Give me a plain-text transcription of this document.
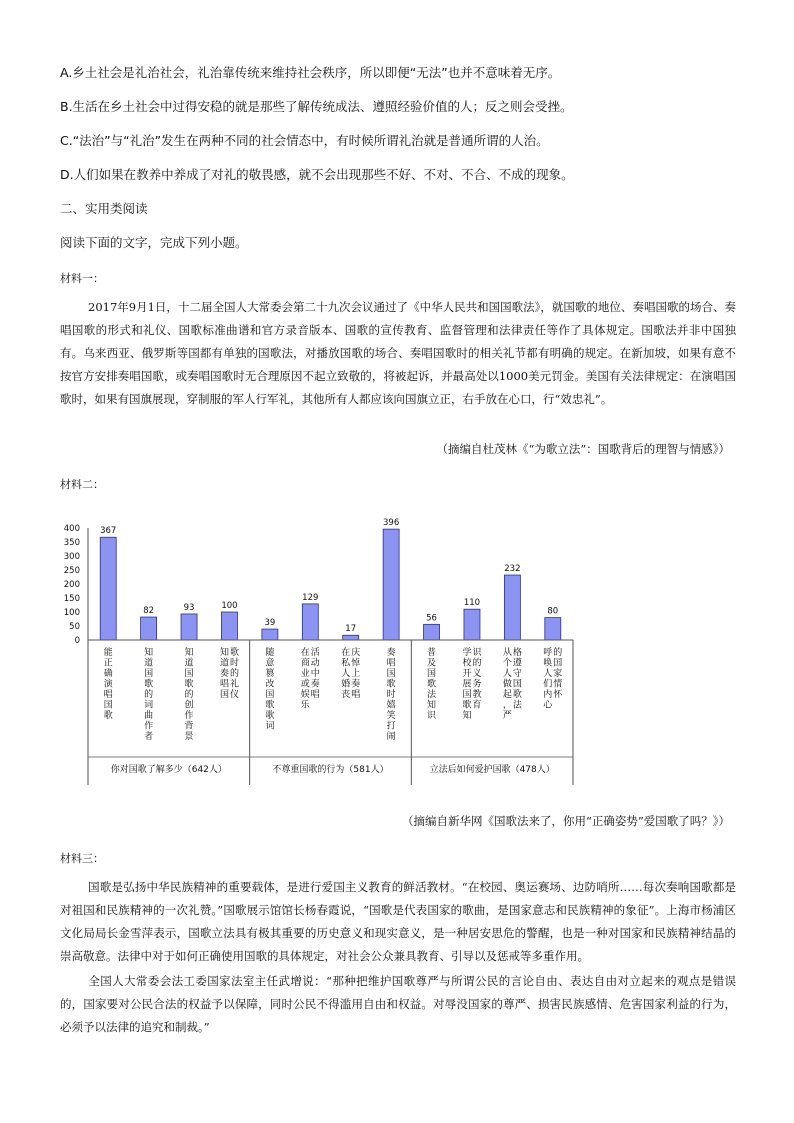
A.乡土社会是礼治社会，礼治靠传统来维持社会秩序，所以即便“无法”也并不意味着无序。
B.生活在乡土社会中过得安稳的就是那些了解传统成法、遵照经验价值的人；反之则会受挫。
C.“法治”与“礼治”发生在两种不同的社会情态中，有时候所谓礼治就是普通所谓的人治。
D.人们如果在教养中养成了对礼的敬畏感，就不会出现那些不好、不对、不合、不成的现象。
二、实用类阅读
阅读下面的文字，完成下列小题。
材料一：
2017年9月1日，十二届全国人大常委会第二十九次会议通过了《中华人民共和国国歌法》，就国歌的地位、奏唱国歌的场合、奏唱国歌的形式和礼仪、国歌标准曲谱和官方录音版本、国歌的宣传教育、监督管理和法律责任等作了具体规定。国歌法并非中国独有。乌来西亚、俄罗斯等国都有单独的国歌法，对播放国歌的场合、奏唱国歌时的相关礼节都有明确的规定。在新加坡，如果有意不按官方安排奏唱国歌，或奏唱国歌时无合理原因不起立致敬的，将被起诉，并最高处以1000美元罚金。美国有关法律规定：在演唱国歌时，如果有国旗展现，穿制服的军人行军礼，其他所有人都应该向国旗立正，右手放在心口，行“效忠礼”。
（摘编自杜茂林《“为歌立法”：国歌背后的理智与情感》）
材料二：
0
50
100
150
200
250
300
350
400 367
能正确演唱国歌
82
知道国歌的词曲作者
93
知道国歌的创作背景
100
知道奏唱国歌时的礼仪
39
随意篡改国歌歌词
129
在商业或娱乐活动中奏唱
17
在私人婚丧庆悼上奏唱
396
奏唱国歌时嬉笑打闹
56
普及国歌法知识
110
学校开展国歌知识的义务教育
232
从个人做起，严格遵守国歌法
80
呼唤人们内心的国家情怀
你对国歌了解多少（642人）	不尊重国歌的行为（581人）	立法后如何爱护国歌（478人）
（摘编自新华网《国歌法来了，你用“正确姿势”爱国歌了吗？》）
材料三：
国歌是弘扬中华民族精神的重要载体，是进行爱国主义教育的鲜活教材。“在校园、奥运赛场、边防哨所……每次奏响国歌都是对祖国和民族精神的一次礼赞。”国歌展示馆馆长杨春霞说，“国歌是代表国家的歌曲，是国家意志和民族精神的象征”。上海市杨浦区文化局局长金雪萍表示，国歌立法具有极其重要的历史意义和现实意义，是一种居安思危的警醒，也是一种对国家和民族精神结晶的崇高敬意。法律中对于如何正确使用国歌的具体规定，对社会公众兼具教育、引导以及惩戒等多重作用。
全国人大常委会法工委国家法室主任武增说：“那种把维护国歌尊严与所谓公民的言论自由、表达自由对立起来的观点是错误的，国家要对公民合法的权益予以保障，同时公民不得滥用自由和权益。对辱没国家的尊严、损害民族感情、危害国家利益的行为，必须予以法律的追究和制裁。”
